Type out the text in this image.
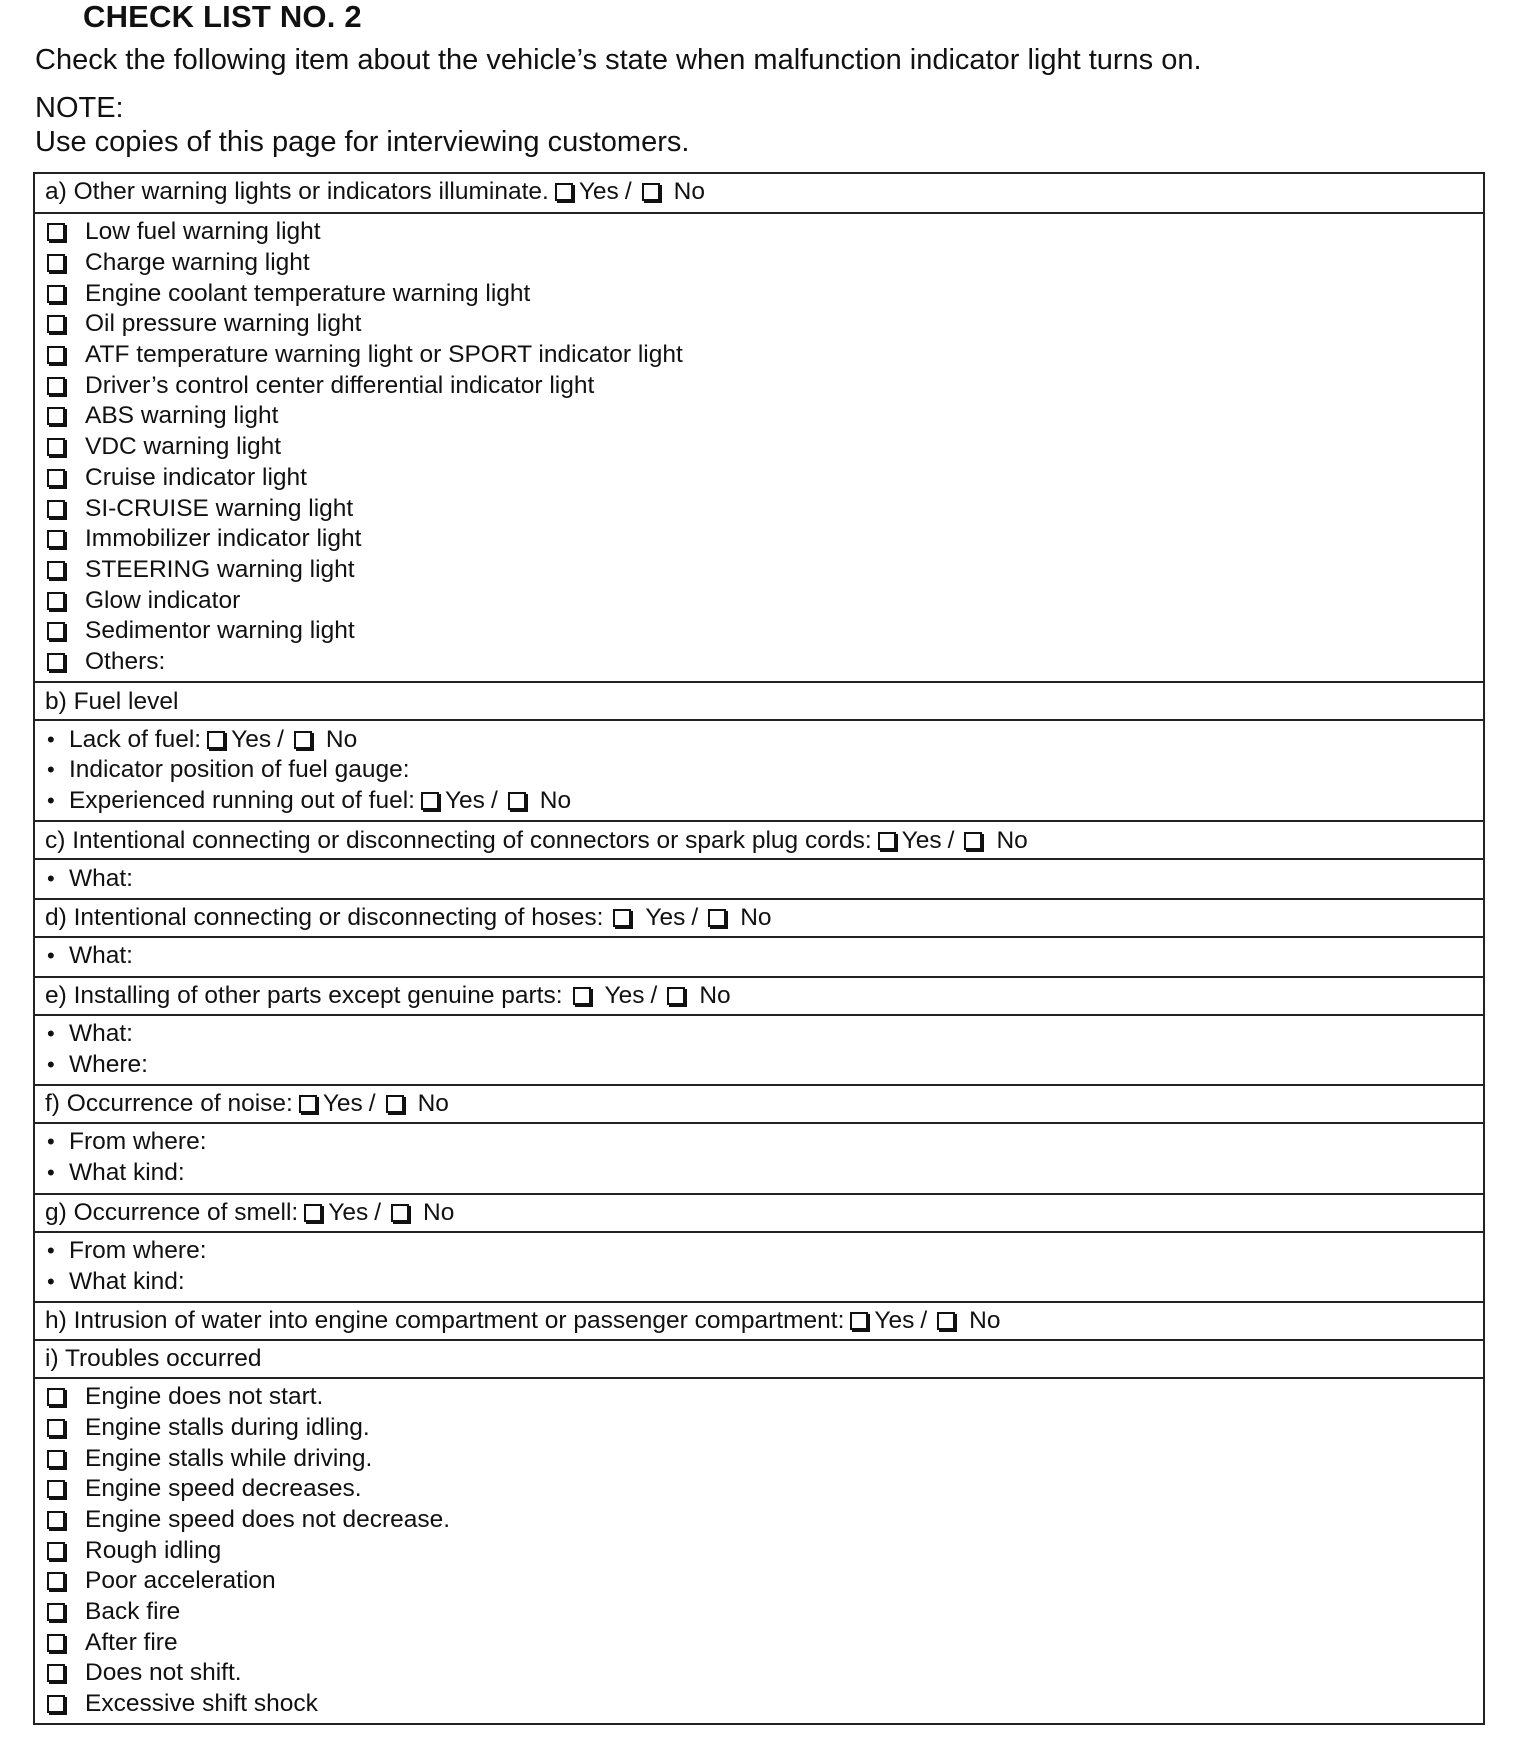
CHECK LIST NO. 2

Check the following item about the vehicle’s state when malfunction indicator light turns on.

NOTE:

Use copies of this page for interviewing customers.

a) Other warning lights or indicators illuminate. Yes / No
Low fuel warning light
Charge warning light
Engine coolant temperature warning light
Oil pressure warning light
ATF temperature warning light or SPORT indicator light
Driver’s control center differential indicator light
ABS warning light
VDC warning light
Cruise indicator light
SI-CRUISE warning light
Immobilizer indicator light
STEERING warning light
Glow indicator
Sedimentor warning light
Others:
b) Fuel level
• Lack of fuel: Yes / No
• Indicator position of fuel gauge:
• Experienced running out of fuel: Yes / No
c) Intentional connecting or disconnecting of connectors or spark plug cords: Yes / No
• What:
d) Intentional connecting or disconnecting of hoses: Yes / No
• What:
e) Installing of other parts except genuine parts: Yes / No
• What:
• Where:
f) Occurrence of noise: Yes / No
• From where:
• What kind:
g) Occurrence of smell: Yes / No
• From where:
• What kind:
h) Intrusion of water into engine compartment or passenger compartment: Yes / No
i) Troubles occurred
Engine does not start.
Engine stalls during idling.
Engine stalls while driving.
Engine speed decreases.
Engine speed does not decrease.
Rough idling
Poor acceleration
Back fire
After fire
Does not shift.
Excessive shift shock
